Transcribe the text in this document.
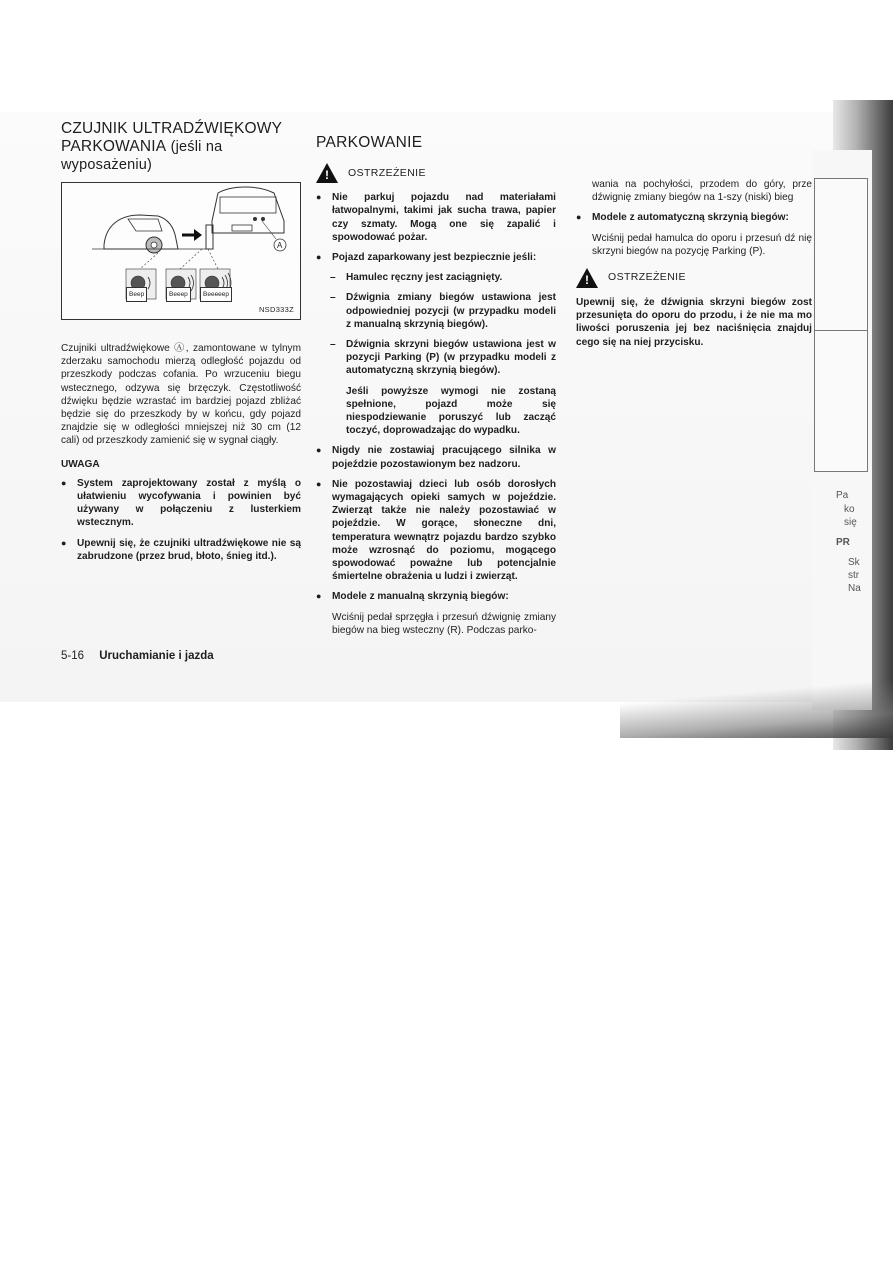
Pa
ko
się
PR
Sk
str
Na
CZUJNIK ULTRADŹWIĘKOWY
PARKOWANIA (jeśli na
wyposażeniu)
A
Beep	Beeep	Beeeeep
NSD333Z

Czujniki ultradźwiękowe Ⓐ, zamontowane w tylnym zderzaku samochodu mierzą odległość pojazdu od przeszkody podczas cofania. Po wrzuceniu biegu wstecznego, odzywa się brzęczyk. Częstotliwość dźwięku będzie wzrastać im bardziej pojazd zbliżać będzie się do przeszkody by w końcu, gdy pojazd znajdzie się w odległości mniejszej niż 30 cm (12 cali) od przeszkody zamienić się w sygnał ciągły.

UWAGA
● System zaprojektowany został z myślą o ułatwieniu wycofywania i powinien być używany w połączeniu z lusterkiem wstecznym.
● Upewnij się, że czujniki ultradźwiękowe nie są zabrudzone (przez brud, błoto, śnieg itd.).
PARKOWANIE
! OSTRZEŻENIE
● Nie parkuj pojazdu nad materiałami łatwopalnymi, takimi jak sucha trawa, papier czy szmaty. Mogą one się zapalić i spowodować pożar.
● Pojazd zaparkowany jest bezpiecznie jeśli:
– Hamulec ręczny jest zaciągnięty.
– Dźwignia zmiany biegów ustawiona jest odpowiedniej pozycji (w przypadku modeli z manualną skrzynią biegów).
– Dźwignia skrzyni biegów ustawiona jest w pozycji Parking (P) (w przypadku modeli z automatyczną skrzynią biegów).
Jeśli powyższe wymogi nie zostaną spełnione, pojazd może się niespodziewanie poruszyć lub zacząć toczyć, doprowadzając do wypadku.
● Nigdy nie zostawiaj pracującego silnika w pojeździe pozostawionym bez nadzoru.
● Nie pozostawiaj dzieci lub osób dorosłych wymagających opieki samych w pojeździe. Zwierząt także nie należy pozostawiać w pojeździe. W gorące, słoneczne dni, temperatura wewnątrz pojazdu bardzo szybko może wzrosnąć do poziomu, mogącego spowodować poważne lub potencjalnie śmiertelne obrażenia u ludzi i zwierząt.
● Modele z manualną skrzynią biegów:
Wciśnij pedał sprzęgła i przesuń dźwignię zmiany biegów na bieg wsteczny (R). Podczas parko-
wania na pochyłości, przodem do góry, prze dźwignię zmiany biegów na 1-szy (niski) bieg
● Modele z automatyczną skrzynią biegów:
Wciśnij pedał hamulca do oporu i przesuń dź nię skrzyni biegów na pozycję Parking (P).
! OSTRZEŻENIE

Upewnij się, że dźwignia skrzyni biegów zost przesunięta do oporu do przodu, i że nie ma mo liwości poruszenia jej bez naciśnięcia znajduj cego się na niej przycisku.

5-16 Uruchamianie i jazda
